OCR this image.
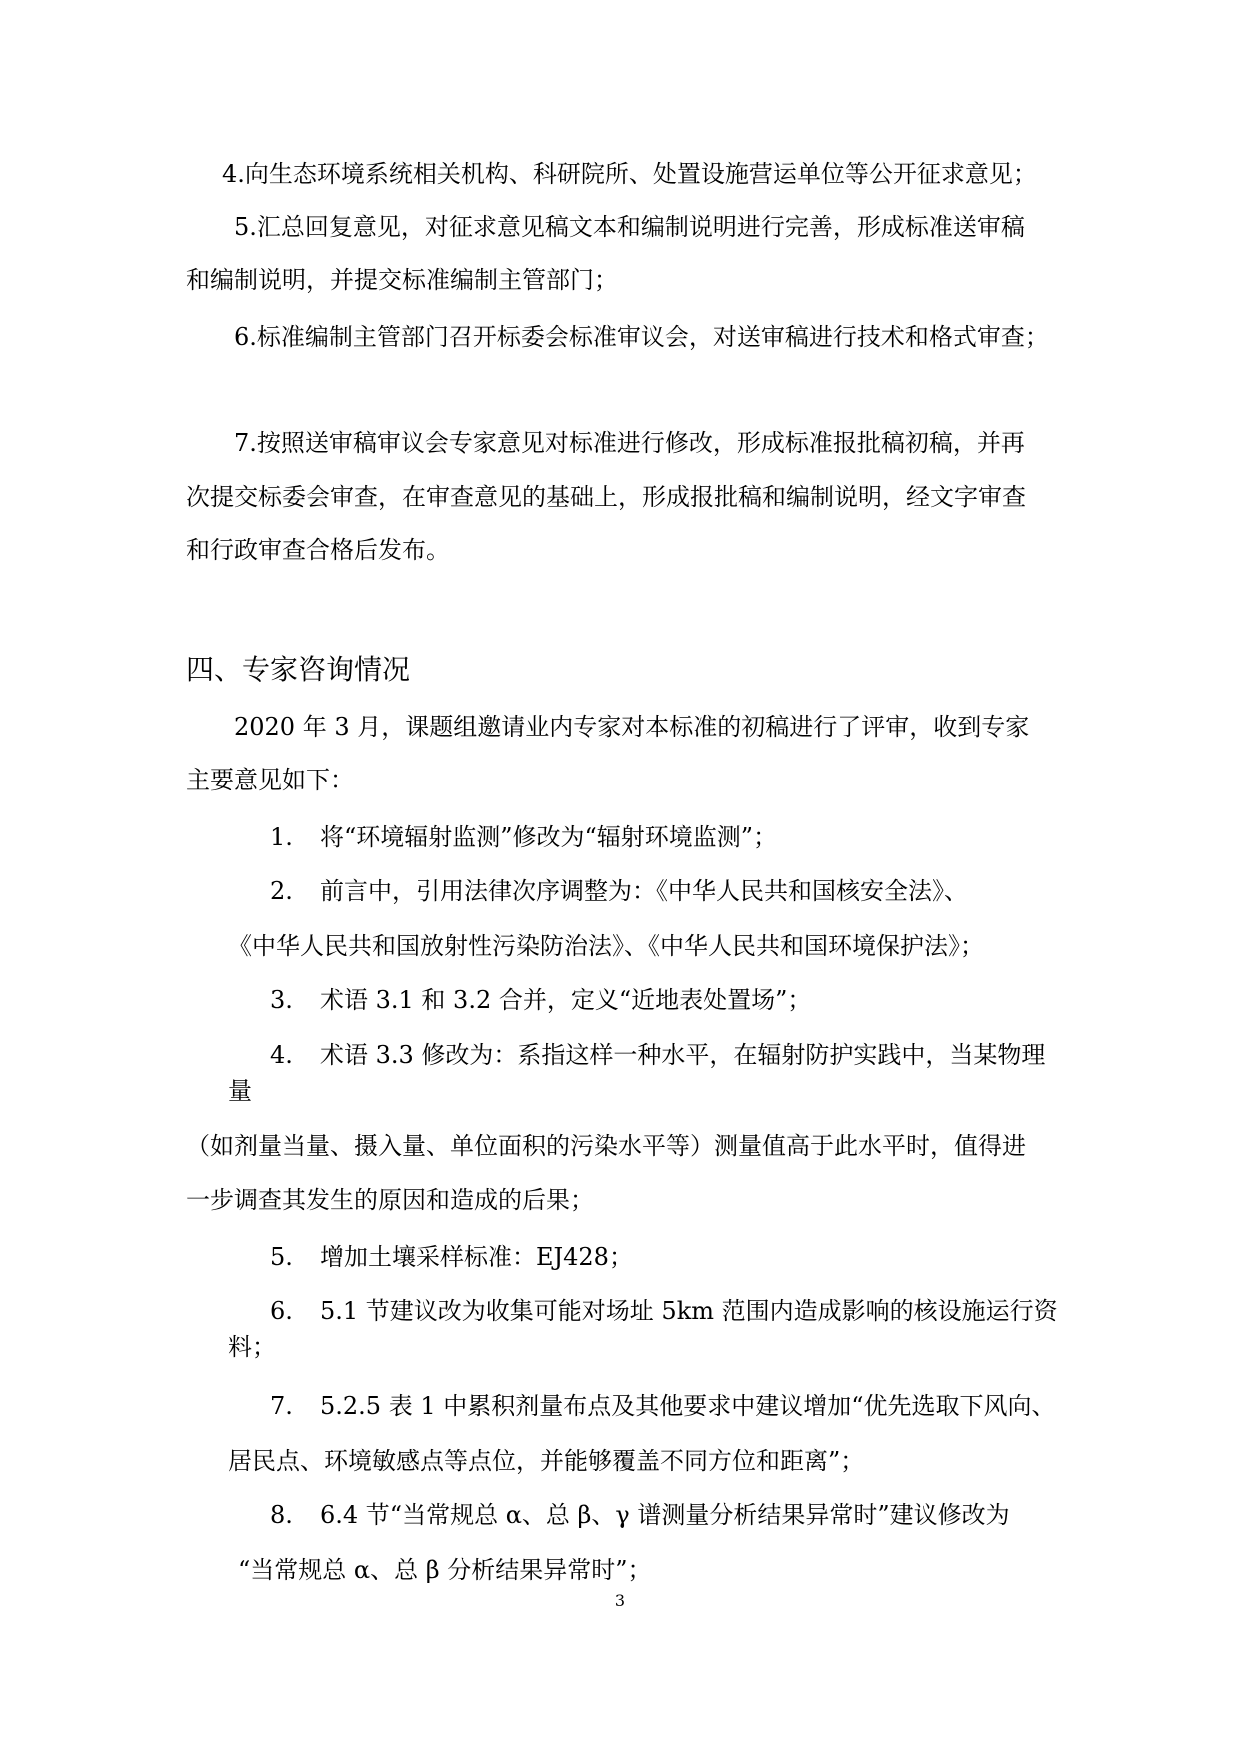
4.向生态环境系统相关机构、科研院所、处置设施营运单位等公开征求意见；
5.汇总回复意见，对征求意见稿文本和编制说明进行完善，形成标准送审稿
和编制说明，并提交标准编制主管部门；
6.标准编制主管部门召开标委会标准审议会，对送审稿进行技术和格式审查；
7.按照送审稿审议会专家意见对标准进行修改，形成标准报批稿初稿，并再
次提交标委会审查，在审查意见的基础上，形成报批稿和编制说明，经文字审查
和行政审查合格后发布。
四、专家咨询情况
2020 年 3 月，课题组邀请业内专家对本标准的初稿进行了评审，收到专家
主要意见如下：
1. 将“环境辐射监测”修改为“辐射环境监测”；
2. 前言中，引用法律次序调整为：《中华人民共和国核安全法》、
《中华人民共和国放射性污染防治法》、《中华人民共和国环境保护法》；
3. 术语 3.1 和 3.2 合并，定义“近地表处置场”；
4. 术语 3.3 修改为：系指这样一种水平，在辐射防护实践中，当某物理
量
（如剂量当量、摄入量、单位面积的污染水平等）测量值高于此水平时，值得进
一步调查其发生的原因和造成的后果；
5. 增加土壤采样标准：EJ428；
6. 5.1 节建议改为收集可能对场址 5km 范围内造成影响的核设施运行资
料；
7. 5.2.5 表 1 中累积剂量布点及其他要求中建议增加“优先选取下风向、
居民点、环境敏感点等点位，并能够覆盖不同方位和距离”；
8. 6.4 节“当常规总 α、总 β、γ 谱测量分析结果异常时”建议修改为
“当常规总 α、总 β 分析结果异常时”；
3
